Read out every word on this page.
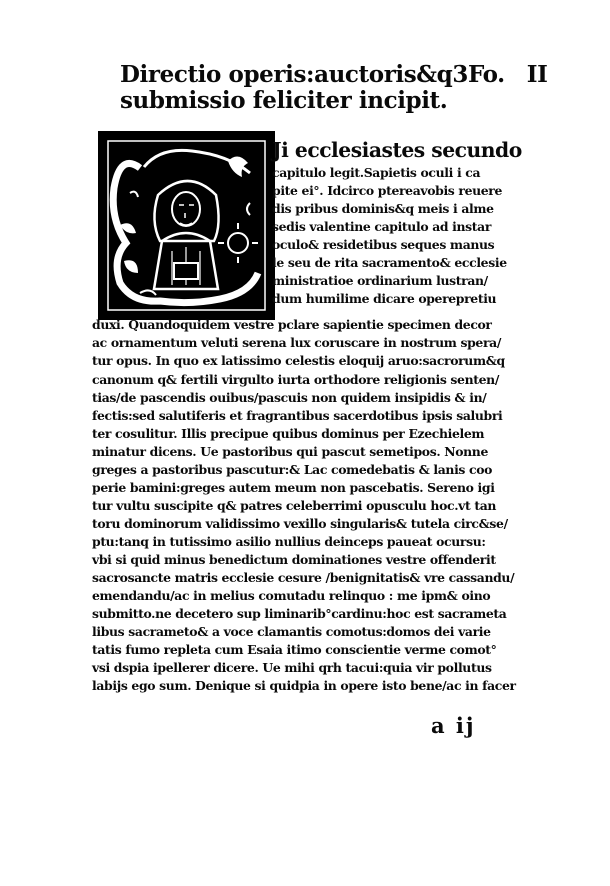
Directio operis:auctoris&q3 Fo. II
submissio feliciter incipit.
Ji ecclesiastes secundo
capitulo legit.Sapietis oculi i ca
pite ei°. Idcirco ptereavobis reuere
dis pribus dominis&q meis i alme
sedis valentine capitulo ad instar
oculo& residetibus seques manus
le seu de rita sacramento& ecclesie
ministratioe ordinarium lustran/
dum humilime dicare operepretiu
duxi. Quandoquidem vestre pclare sapientie specimen decor
ac ornamentum veluti serena lux coruscare in nostrum spera/
tur opus. In quo ex latissimo celestis eloquij aruo:sacrorum&q
canonum q& fertili virgulto iurta orthodore religionis senten/
tias/de pascendis ouibus/pascuis non quidem insipidis & in/
fectis:sed salutiferis et fragrantibus sacerdotibus ipsis salubri
ter cosulitur. Illis precipue quibus dominus per Ezechielem
minatur dicens. Ue pastoribus qui pascut semetipos. Nonne
greges a pastoribus pascutur:& Lac comedebatis & lanis coo
perie bamini:greges autem meum non pascebatis. Sereno igi
tur vultu suscipite q& patres celeberrimi opusculu hoc.vt tan
toru dominorum validissimo vexillo singularis& tutela circ&se/
ptu:tanq in tutissimo asilio nullius deinceps paueat ocursu:
vbi si quid minus benedictum dominationes vestre offenderit
sacrosancte matris ecclesie cesure /benignitatis& vre cassandu/
emendandu/ac in melius comutadu relinquo : me ipm& oino
submitto.ne decetero sup liminarib°cardinu:hoc est sacrameta
libus sacrameto& a voce clamantis comotus:domos dei varie
tatis fumo repleta cum Esaia itimo conscientie verme comot°
vsi dspia ipellerer dicere. Ue mihi qrh tacui:quia vir pollutus
labijs ego sum. Denique si quidpia in opere isto bene/ac in facer
a ij
